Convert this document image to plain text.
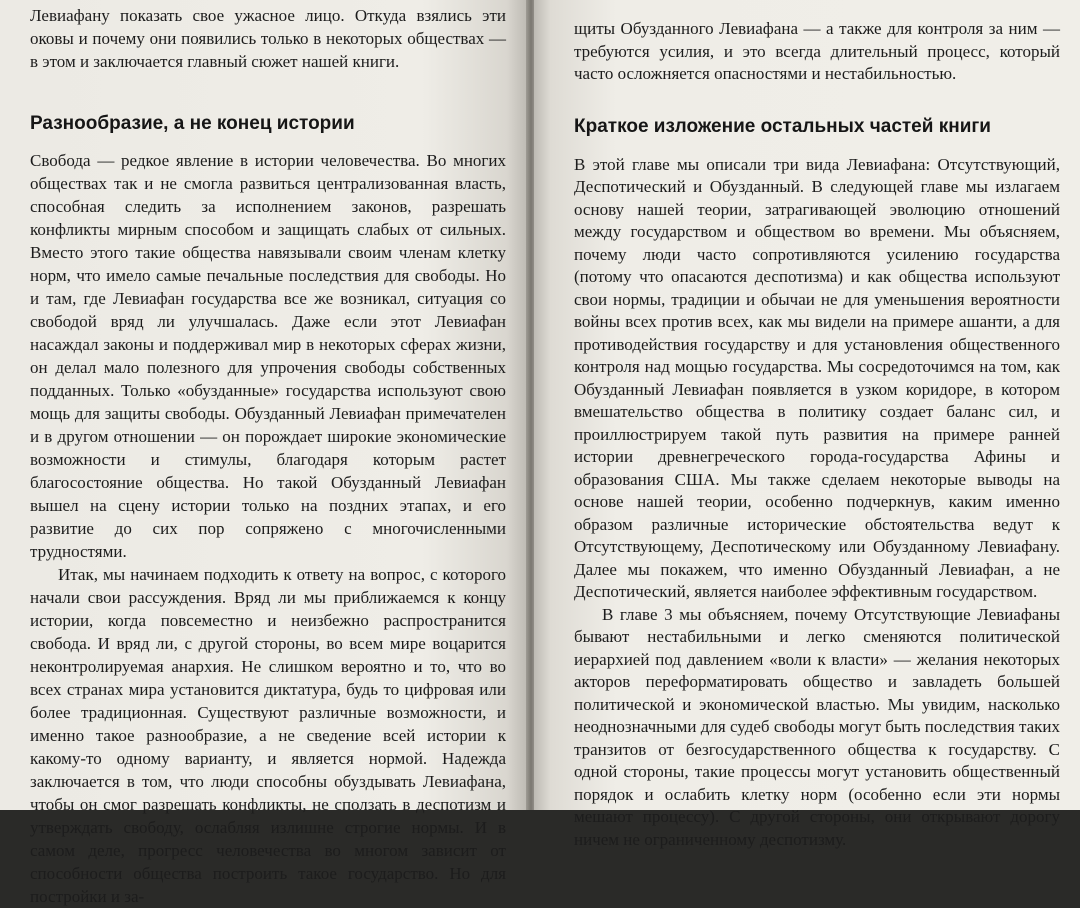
Левиафану показать свое ужасное лицо. Откуда взялись эти оковы и почему они появились только в некоторых обществах — в этом и заключается главный сюжет нашей книги.

Разнообразие, а не конец истории

Свобода — редкое явление в истории человечества. Во многих обществах так и не смогла развиться централизованная власть, способная следить за исполнением законов, разрешать конфликты мирным способом и защищать слабых от сильных. Вместо этого такие общества навязывали своим членам клетку норм, что имело самые печальные последствия для свободы. Но и там, где Левиафан государства все же возникал, ситуация со свободой вряд ли улучшалась. Даже если этот Левиафан насаждал законы и поддерживал мир в некоторых сферах жизни, он делал мало полезного для упрочения свободы собственных подданных. Только «обузданные» государства используют свою мощь для защиты свободы. Обузданный Левиафан примечателен и в другом отношении — он порождает широкие экономические возможности и стимулы, благодаря которым растет благосостояние общества. Но такой Обузданный Левиафан вышел на сцену истории только на поздних этапах, и его развитие до сих пор сопряжено с многочисленными трудностями.

Итак, мы начинаем подходить к ответу на вопрос, с которого начали свои рассуждения. Вряд ли мы приближаемся к концу истории, когда повсеместно и неизбежно распространится свобода. И вряд ли, с другой стороны, во всем мире воцарится неконтролируемая анархия. Не слишком вероятно и то, что во всех странах мира установится диктатура, будь то цифровая или более традиционная. Существуют различные возможности, и именно такое разнообразие, а не сведение всей истории к какому-то одному варианту, и является нормой. Надежда заключается в том, что люди способны обуздывать Левиафана, чтобы он смог разрешать конфликты, не сползать в деспотизм и утверждать свободу, ослабляя излишне строгие нормы. И в самом деле, прогресс человечества во многом зависит от способности общества построить такое государство. Но для постройки и за-

щиты Обузданного Левиафана — а также для контроля за ним — требуются усилия, и это всегда длительный процесс, который часто осложняется опасностями и нестабильностью.

Краткое изложение остальных частей книги

В этой главе мы описали три вида Левиафана: Отсутствующий, Деспотический и Обузданный. В следующей главе мы излагаем основу нашей теории, затрагивающей эволюцию отношений между государством и обществом во времени. Мы объясняем, почему люди часто сопротивляются усилению государства (потому что опасаются деспотизма) и как общества используют свои нормы, традиции и обычаи не для уменьшения вероятности войны всех против всех, как мы видели на примере ашанти, а для противодействия государству и для установления общественного контроля над мощью государства. Мы сосредоточимся на том, как Обузданный Левиафан появляется в узком коридоре, в котором вмешательство общества в политику создает баланс сил, и проиллюстрируем такой путь развития на примере ранней истории древнегреческого города-государства Афины и образования США. Мы также сделаем некоторые выводы на основе нашей теории, особенно подчеркнув, каким именно образом различные исторические обстоятельства ведут к Отсутствующему, Деспотическому или Обузданному Левиафану. Далее мы покажем, что именно Обузданный Левиафан, а не Деспотический, является наиболее эффективным государством.

В главе 3 мы объясняем, почему Отсутствующие Левиафаны бывают нестабильными и легко сменяются политической иерархией под давлением «воли к власти» — желания некоторых акторов переформатировать общество и завладеть большей политической и экономической властью. Мы увидим, насколько неоднозначными для судеб свободы могут быть последствия таких транзитов от безгосударственного общества к государству. С одной стороны, такие процессы могут установить общественный порядок и ослабить клетку норм (особенно если эти нормы мешают процессу). С другой стороны, они открывают дорогу ничем не ограниченному деспотизму.
